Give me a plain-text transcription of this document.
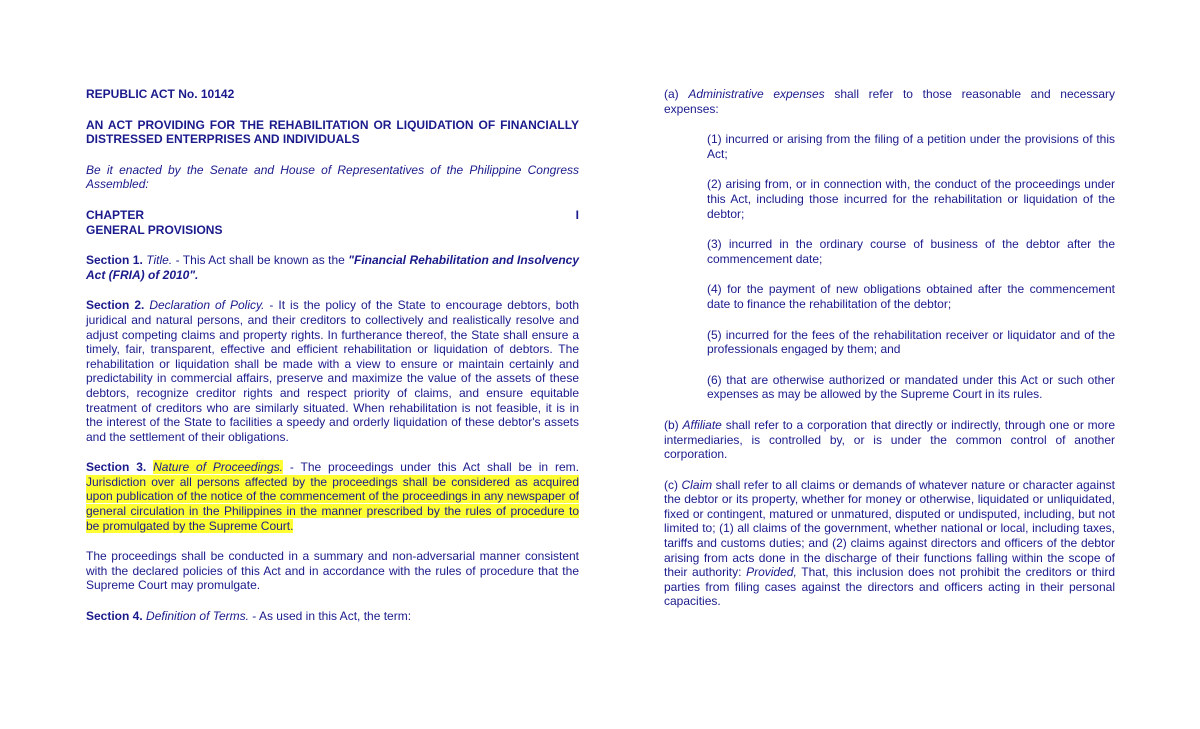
REPUBLIC ACT No. 10142

AN ACT PROVIDING FOR THE REHABILITATION OR LIQUIDATION OF FINANCIALLY DISTRESSED ENTERPRISES AND INDIVIDUALS

Be it enacted by the Senate and House of Representatives of the Philippine Congress Assembled:

CHAPTER	I
GENERAL PROVISIONS

Section 1. Title. - This Act shall be known as the "Financial Rehabilitation and Insolvency Act (FRIA) of 2010".

Section 2. Declaration of Policy. - It is the policy of the State to encourage debtors, both juridical and natural persons, and their creditors to collectively and realistically resolve and adjust competing claims and property rights. In furtherance thereof, the State shall ensure a timely, fair, transparent, effective and efficient rehabilitation or liquidation of debtors. The rehabilitation or liquidation shall be made with a view to ensure or maintain certainly and predictability in commercial affairs, preserve and maximize the value of the assets of these debtors, recognize creditor rights and respect priority of claims, and ensure equitable treatment of creditors who are similarly situated. When rehabilitation is not feasible, it is in the interest of the State to facilities a speedy and orderly liquidation of these debtor's assets and the settlement of their obligations.

Section 3. Nature of Proceedings. - The proceedings under this Act shall be in rem. Jurisdiction over all persons affected by the proceedings shall be considered as acquired upon publication of the notice of the commencement of the proceedings in any newspaper of general circulation in the Philippines in the manner prescribed by the rules of procedure to be promulgated by the Supreme Court.

The proceedings shall be conducted in a summary and non-adversarial manner consistent with the declared policies of this Act and in accordance with the rules of procedure that the Supreme Court may promulgate.

Section 4. Definition of Terms. - As used in this Act, the term:

(a) Administrative expenses shall refer to those reasonable and necessary expenses:

(1) incurred or arising from the filing of a petition under the provisions of this Act;

(2) arising from, or in connection with, the conduct of the proceedings under this Act, including those incurred for the rehabilitation or liquidation of the debtor;

(3) incurred in the ordinary course of business of the debtor after the commencement date;

(4) for the payment of new obligations obtained after the commencement date to finance the rehabilitation of the debtor;

(5) incurred for the fees of the rehabilitation receiver or liquidator and of the professionals engaged by them; and

(6) that are otherwise authorized or mandated under this Act or such other expenses as may be allowed by the Supreme Court in its rules.

(b) Affiliate shall refer to a corporation that directly or indirectly, through one or more intermediaries, is controlled by, or is under the common control of another corporation.

(c) Claim shall refer to all claims or demands of whatever nature or character against the debtor or its property, whether for money or otherwise, liquidated or unliquidated, fixed or contingent, matured or unmatured, disputed or undisputed, including, but not limited to; (1) all claims of the government, whether national or local, including taxes, tariffs and customs duties; and (2) claims against directors and officers of the debtor arising from acts done in the discharge of their functions falling within the scope of their authority: Provided, That, this inclusion does not prohibit the creditors or third parties from filing cases against the directors and officers acting in their personal capacities.
